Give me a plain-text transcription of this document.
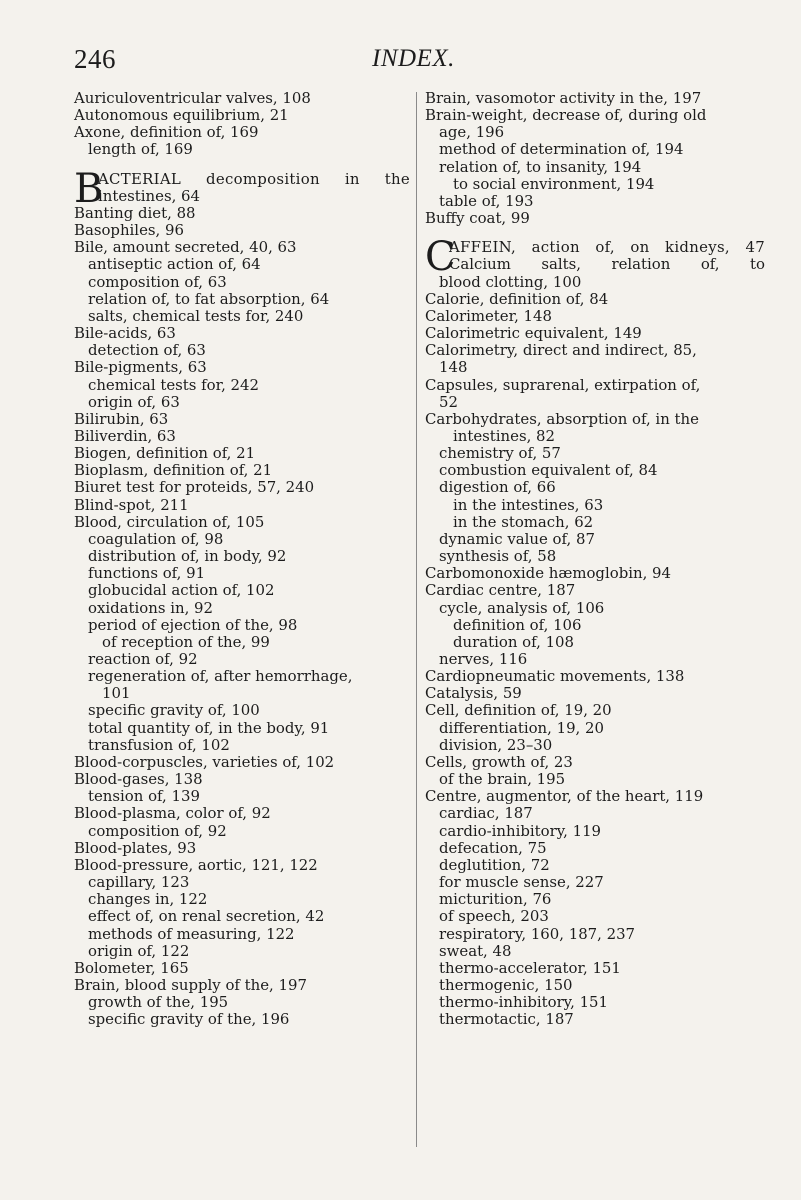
246	INDEX.
Auriculoventricular valves, 108
Autonomous equilibrium, 21
Axone, definition of, 169
length of, 169
B
ACTERIAL decomposition in the
intestines, 64
Banting diet, 88
Basophiles, 96
Bile, amount secreted, 40, 63
antiseptic action of, 64
composition of, 63
relation of, to fat absorption, 64
salts, chemical tests for, 240
Bile-acids, 63
detection of, 63
Bile-pigments, 63
chemical tests for, 242
origin of, 63
Bilirubin, 63
Biliverdin, 63
Biogen, definition of, 21
Bioplasm, definition of, 21
Biuret test for proteids, 57, 240
Blind-spot, 211
Blood, circulation of, 105
coagulation of, 98
distribution of, in body, 92
functions of, 91
globucidal action of, 102
oxidations in, 92
period of ejection of the, 98
of reception of the, 99
reaction of, 92
regeneration of, after hemorrhage,
101
specific gravity of, 100
total quantity of, in the body, 91
transfusion of, 102
Blood-corpuscles, varieties of, 102
Blood-gases, 138
tension of, 139
Blood-plasma, color of, 92
composition of, 92
Blood-plates, 93
Blood-pressure, aortic, 121, 122
capillary, 123
changes in, 122
effect of, on renal secretion, 42
methods of measuring, 122
origin of, 122
Bolometer, 165
Brain, blood supply of the, 197
growth of the, 195
specific gravity of the, 196
Brain, vasomotor activity in the, 197
Brain-weight, decrease of, during old
age, 196
method of determination of, 194
relation of, to insanity, 194
to social environment, 194
table of, 193
Buffy coat, 99
C
AFFEIN, action of, on kidneys, 47
Calcium salts, relation of, to
blood clotting, 100
Calorie, definition of, 84
Calorimeter, 148
Calorimetric equivalent, 149
Calorimetry, direct and indirect, 85,
148
Capsules, suprarenal, extirpation of,
52
Carbohydrates, absorption of, in the
intestines, 82
chemistry of, 57
combustion equivalent of, 84
digestion of, 66
in the intestines, 63
in the stomach, 62
dynamic value of, 87
synthesis of, 58
Carbomonoxide hæmoglobin, 94
Cardiac centre, 187
cycle, analysis of, 106
definition of, 106
duration of, 108
nerves, 116
Cardiopneumatic movements, 138
Catalysis, 59
Cell, definition of, 19, 20
differentiation, 19, 20
division, 23–30
Cells, growth of, 23
of the brain, 195
Centre, augmentor, of the heart, 119
cardiac, 187
cardio-inhibitory, 119
defecation, 75
deglutition, 72
for muscle sense, 227
micturition, 76
of speech, 203
respiratory, 160, 187, 237
sweat, 48
thermo-accelerator, 151
thermogenic, 150
thermo-inhibitory, 151
thermotactic, 187
